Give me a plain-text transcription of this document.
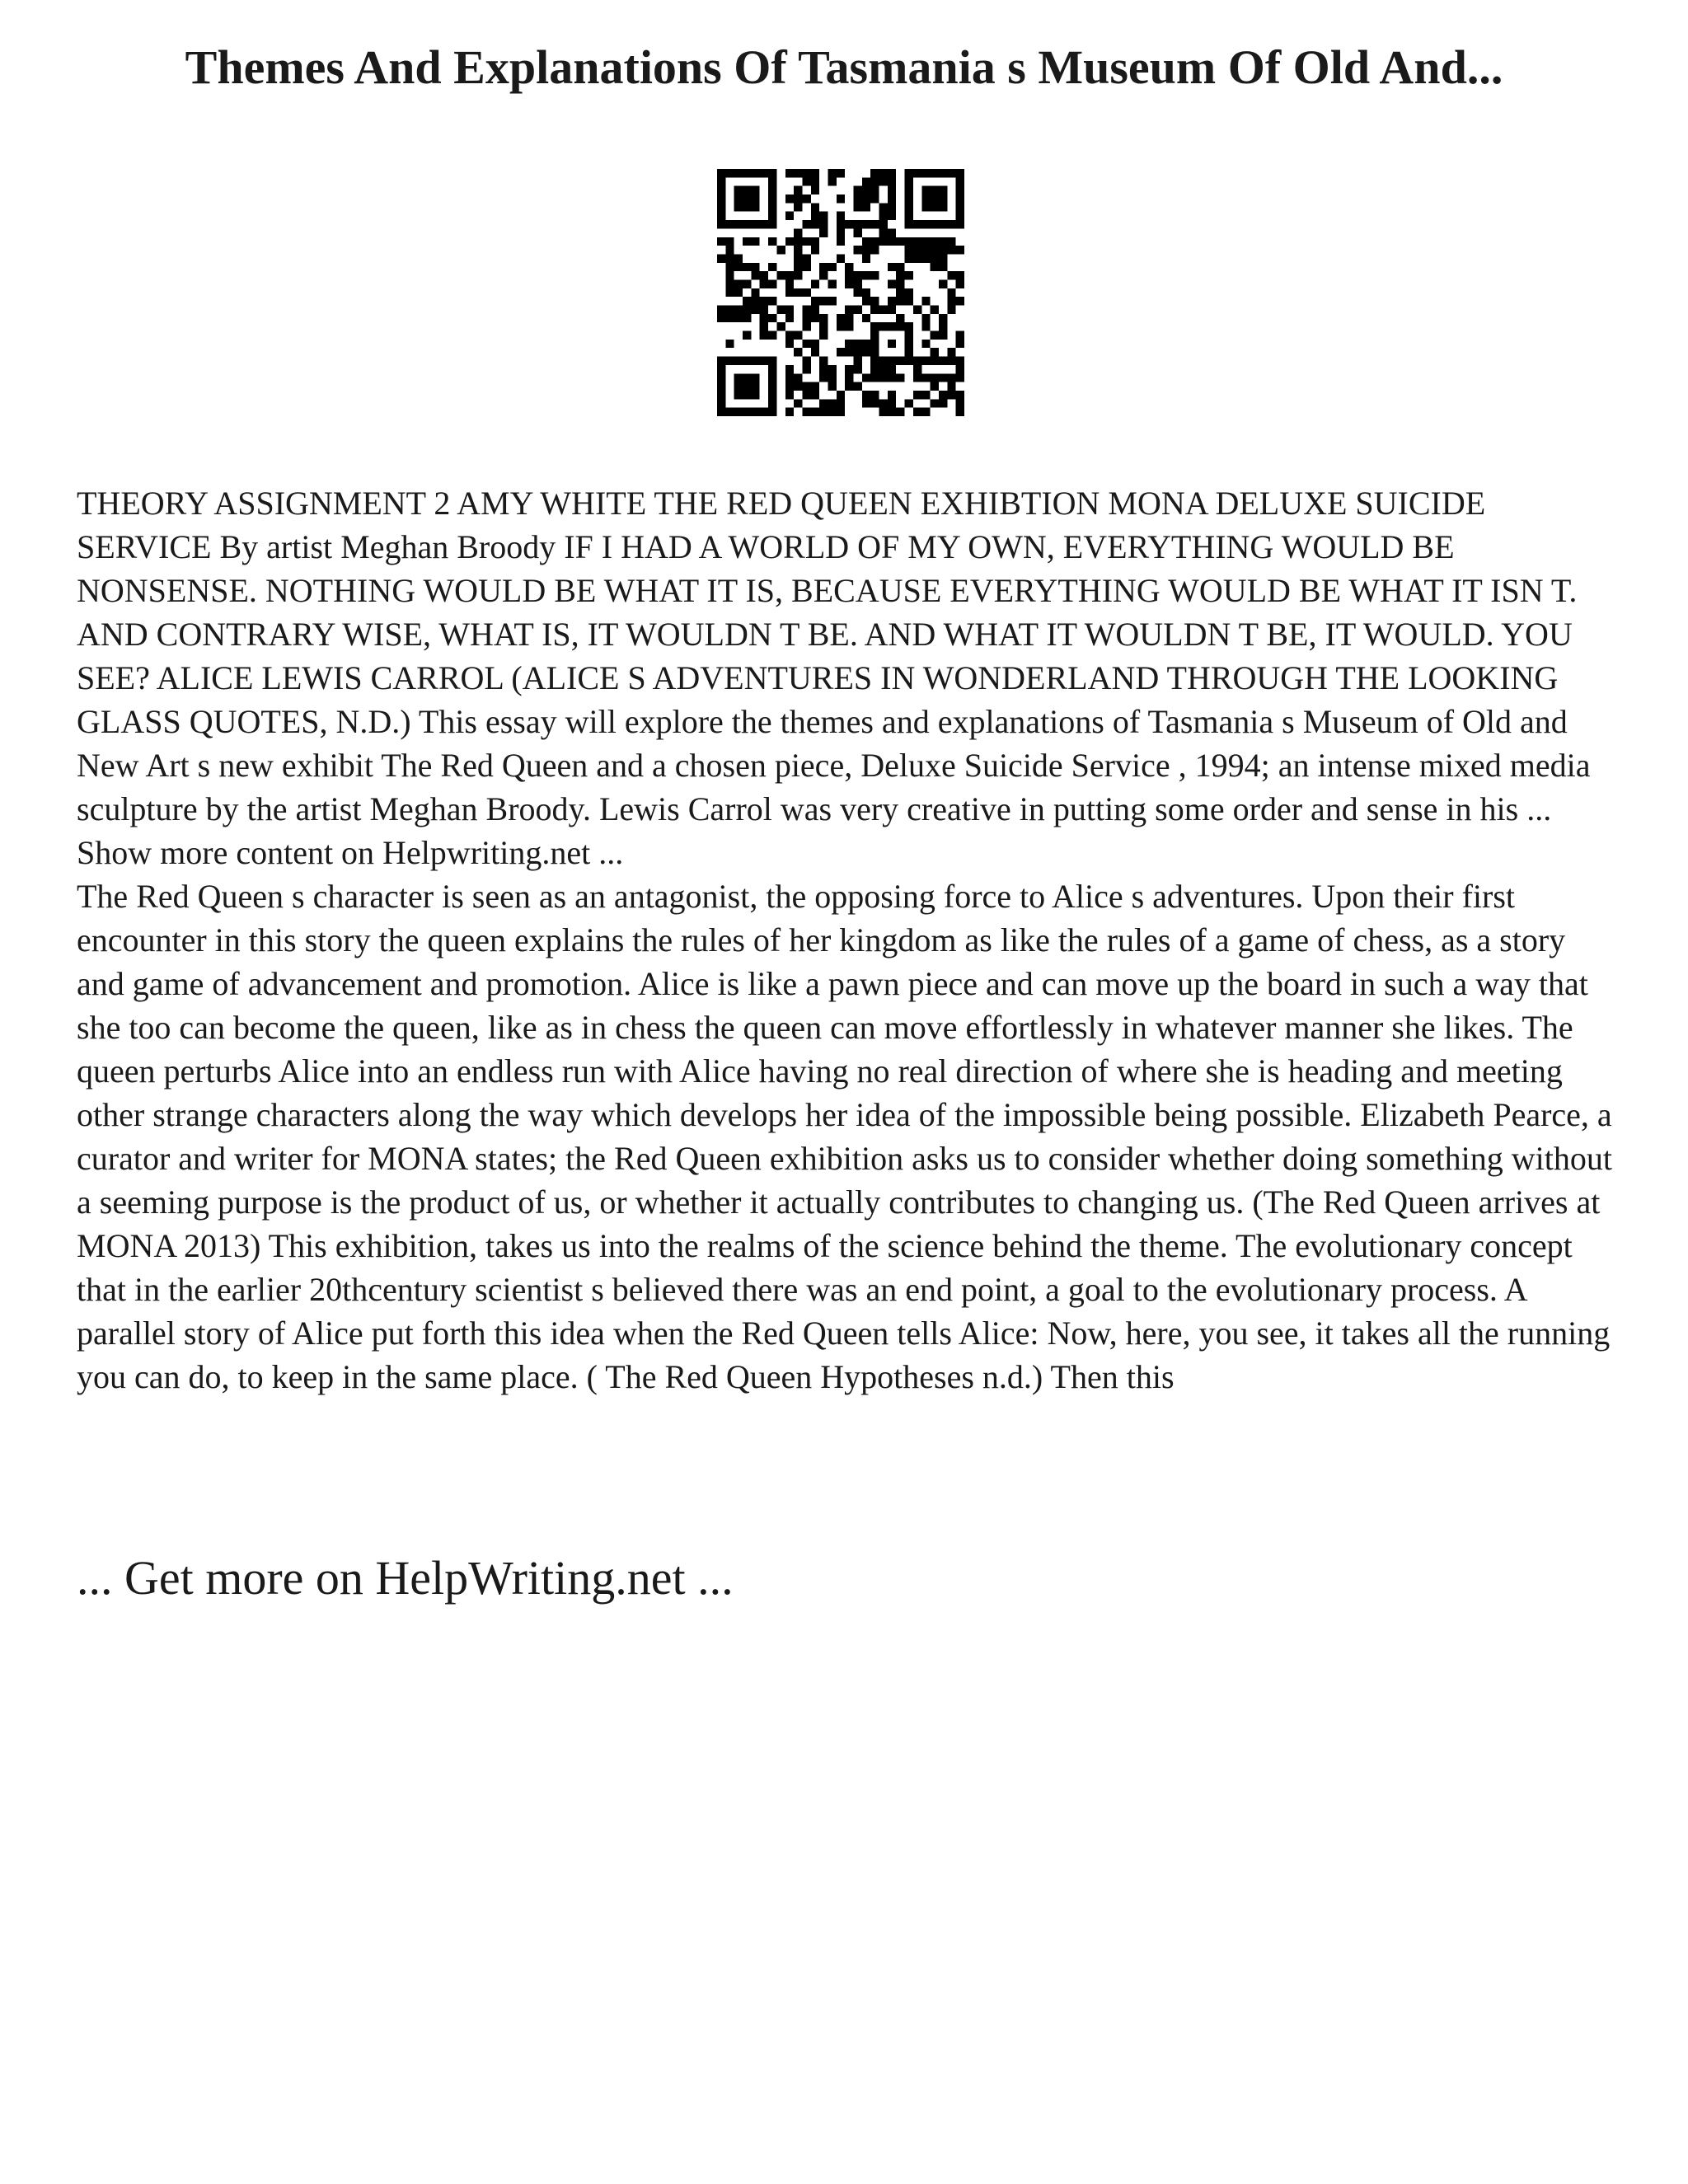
Themes And Explanations Of Tasmania s Museum Of Old And...

THEORY ASSIGNMENT 2 AMY WHITE THE RED QUEEN EXHIBTION MONA DELUXE SUICIDE SERVICE By artist Meghan Broody IF I HAD A WORLD OF MY OWN, EVERYTHING WOULD BE NONSENSE. NOTHING WOULD BE WHAT IT IS, BECAUSE EVERYTHING WOULD BE WHAT IT ISN T. AND CONTRARY WISE, WHAT IS, IT WOULDN T BE. AND WHAT IT WOULDN T BE, IT WOULD. YOU SEE? ALICE LEWIS CARROL (ALICE S ADVENTURES IN WONDERLAND THROUGH THE LOOKING GLASS QUOTES, N.D.) This essay will explore the themes and explanations of Tasmania s Museum of Old and New Art s new exhibit The Red Queen and a chosen piece, Deluxe Suicide Service , 1994; an intense mixed media sculpture by the artist Meghan Broody. Lewis Carrol was very creative in putting some order and sense in his ... Show more content on Helpwriting.net ...

The Red Queen s character is seen as an antagonist, the opposing force to Alice s adventures. Upon their first encounter in this story the queen explains the rules of her kingdom as like the rules of a game of chess, as a story and game of advancement and promotion. Alice is like a pawn piece and can move up the board in such a way that she too can become the queen, like as in chess the queen can move effortlessly in whatever manner she likes. The queen perturbs Alice into an endless run with Alice having no real direction of where she is heading and meeting other strange characters along the way which develops her idea of the impossible being possible. Elizabeth Pearce, a curator and writer for MONA states; the Red Queen exhibition asks us to consider whether doing something without a seeming purpose is the product of us, or whether it actually contributes to changing us. (The Red Queen arrives at MONA 2013) This exhibition, takes us into the realms of the science behind the theme. The evolutionary concept that in the earlier 20thcentury scientist s believed there was an end point, a goal to the evolutionary process. A parallel story of Alice put forth this idea when the Red Queen tells Alice: Now, here, you see, it takes all the running you can do, to keep in the same place. ( The Red Queen Hypotheses n.d.) Then this

... Get more on HelpWriting.net ...
